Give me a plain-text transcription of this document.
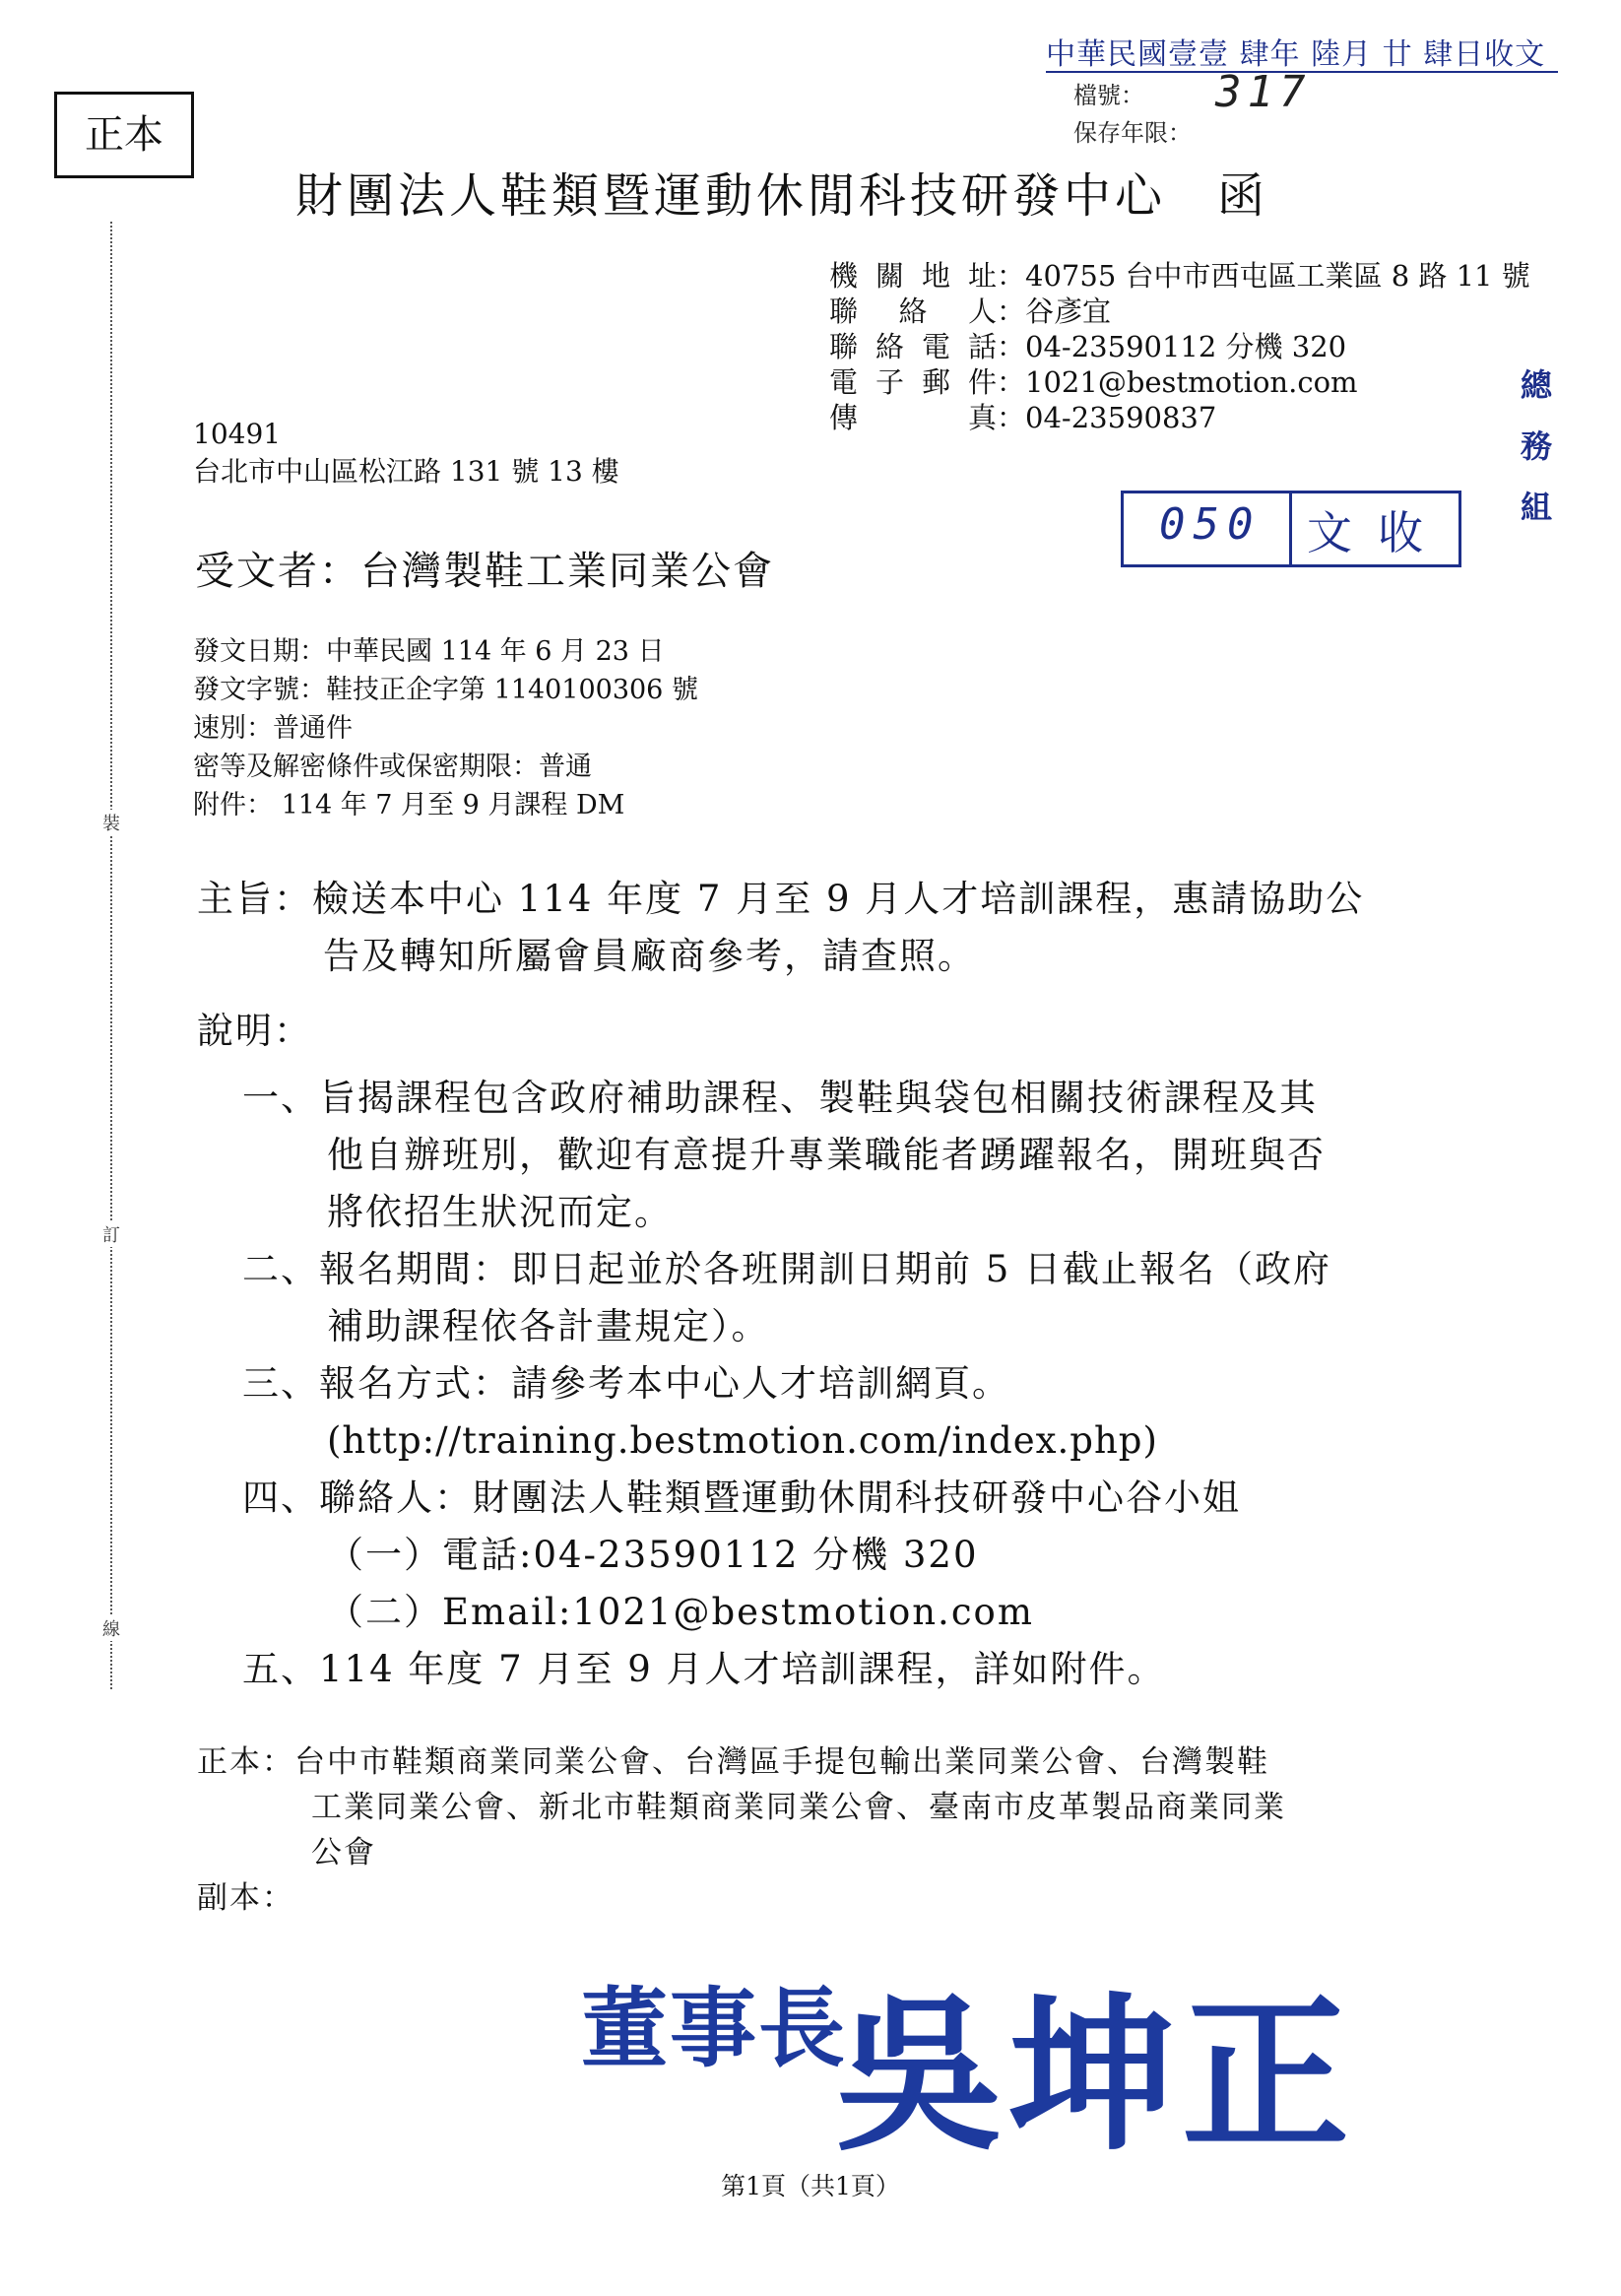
中華民國壹壹 肆年 陸月 廿 肆日收文
檔號：
保存年限：
317
正本
裝
訂
線
財團法人鞋類暨運動休閒科技研發中心　函
機關地址：40755 台中市西屯區工業區 8 路 11 號
聯絡人：谷彥宜
聯絡電話：04-23590112 分機 320
電子郵件：1021@bestmotion.com
傳真：04-23590837
總
務
組
10491
台北市中山區松江路 131 號 13 樓
050 文收
受文者：台灣製鞋工業同業公會
發文日期：中華民國 114 年 6 月 23 日
發文字號：鞋技正企字第 1140100306 號
速別：普通件
密等及解密條件或保密期限：普通
附件： 114 年 7 月至 9 月課程 DM
主旨：檢送本中心 114 年度 7 月至 9 月人才培訓課程，惠請協助公
告及轉知所屬會員廠商參考，請查照。
說明：
一、旨揭課程包含政府補助課程、製鞋與袋包相關技術課程及其
他自辦班別，歡迎有意提升專業職能者踴躍報名，開班與否
將依招生狀況而定。
二、報名期間：即日起並於各班開訓日期前 5 日截止報名（政府
補助課程依各計畫規定）。
三、報名方式：請參考本中心人才培訓網頁。
(http://training.bestmotion.com/index.php)
四、聯絡人：財團法人鞋類暨運動休閒科技研發中心谷小姐
（一）電話:04-23590112 分機 320
（二）Email:1021@bestmotion.com
五、114 年度 7 月至 9 月人才培訓課程，詳如附件。
正本：台中市鞋類商業同業公會、台灣區手提包輸出業同業公會、台灣製鞋
工業同業公會、新北市鞋類商業同業公會、臺南市皮革製品商業同業
公會
副本：
董事長
吳坤正
第1頁（共1頁）
